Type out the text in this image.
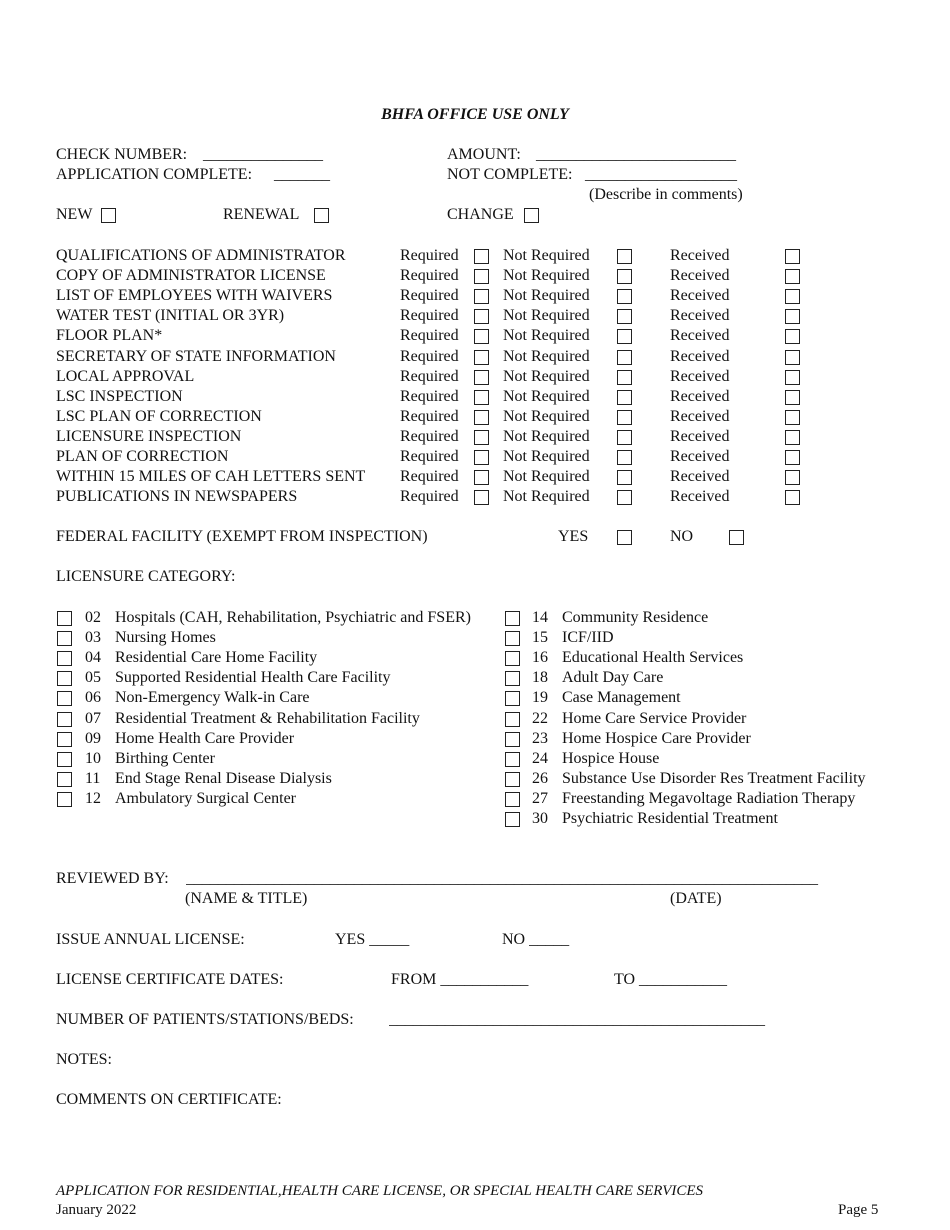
BHFA OFFICE USE ONLY
CHECK NUMBER: _______________	AMOUNT: _________________________
APPLICATION COMPLETE: _______	NOT COMPLETE: ___________________
(Describe in comments)
NEW	RENEWAL	CHANGE
QUALIFICATIONS OF ADMINISTRATOR	Required	Not Required	Received
COPY OF ADMINISTRATOR LICENSE	Required	Not Required	Received
LIST OF EMPLOYEES WITH WAIVERS	Required	Not Required	Received
WATER TEST (INITIAL OR 3YR)	Required	Not Required	Received
FLOOR PLAN*	Required	Not Required	Received
SECRETARY OF STATE INFORMATION	Required	Not Required	Received
LOCAL APPROVAL	Required	Not Required	Received
LSC INSPECTION	Required	Not Required	Received
LSC PLAN OF CORRECTION	Required	Not Required	Received
LICENSURE INSPECTION	Required	Not Required	Received
PLAN OF CORRECTION	Required	Not Required	Received
WITHIN 15 MILES OF CAH LETTERS SENT Required	Not Required	Received
PUBLICATIONS IN NEWSPAPERS	Required	Not Required	Received
FEDERAL FACILITY (EXEMPT FROM INSPECTION)	YES	NO
LICENSURE CATEGORY:
02 Hospitals (CAH, Rehabilitation, Psychiatric and FSER)
03 Nursing Homes
04 Residential Care Home Facility
05 Supported Residential Health Care Facility
06 Non-Emergency Walk-in Care
07 Residential Treatment & Rehabilitation Facility
09 Home Health Care Provider
10 Birthing Center
11 End Stage Renal Disease Dialysis
12 Ambulatory Surgical Center
14 Community Residence
15 ICF/IID
16 Educational Health Services
18 Adult Day Care
19 Case Management
22 Home Care Service Provider
23 Home Hospice Care Provider
24 Hospice House
26 Substance Use Disorder Res Treatment Facility
27 Freestanding Megavoltage Radiation Therapy
30 Psychiatric Residential Treatment
REVIEWED BY: _______________________________________________________________________________
(NAME & TITLE)	(DATE)
ISSUE ANNUAL LICENSE:	YES _____	NO _____
LICENSE CERTIFICATE DATES:	FROM ___________	TO ___________
NUMBER OF PATIENTS/STATIONS/BEDS: _______________________________________________
NOTES:
COMMENTS ON CERTIFICATE:
APPLICATION FOR RESIDENTIAL,HEALTH CARE LICENSE, OR SPECIAL HEALTH CARE SERVICES
January 2022	Page 5
